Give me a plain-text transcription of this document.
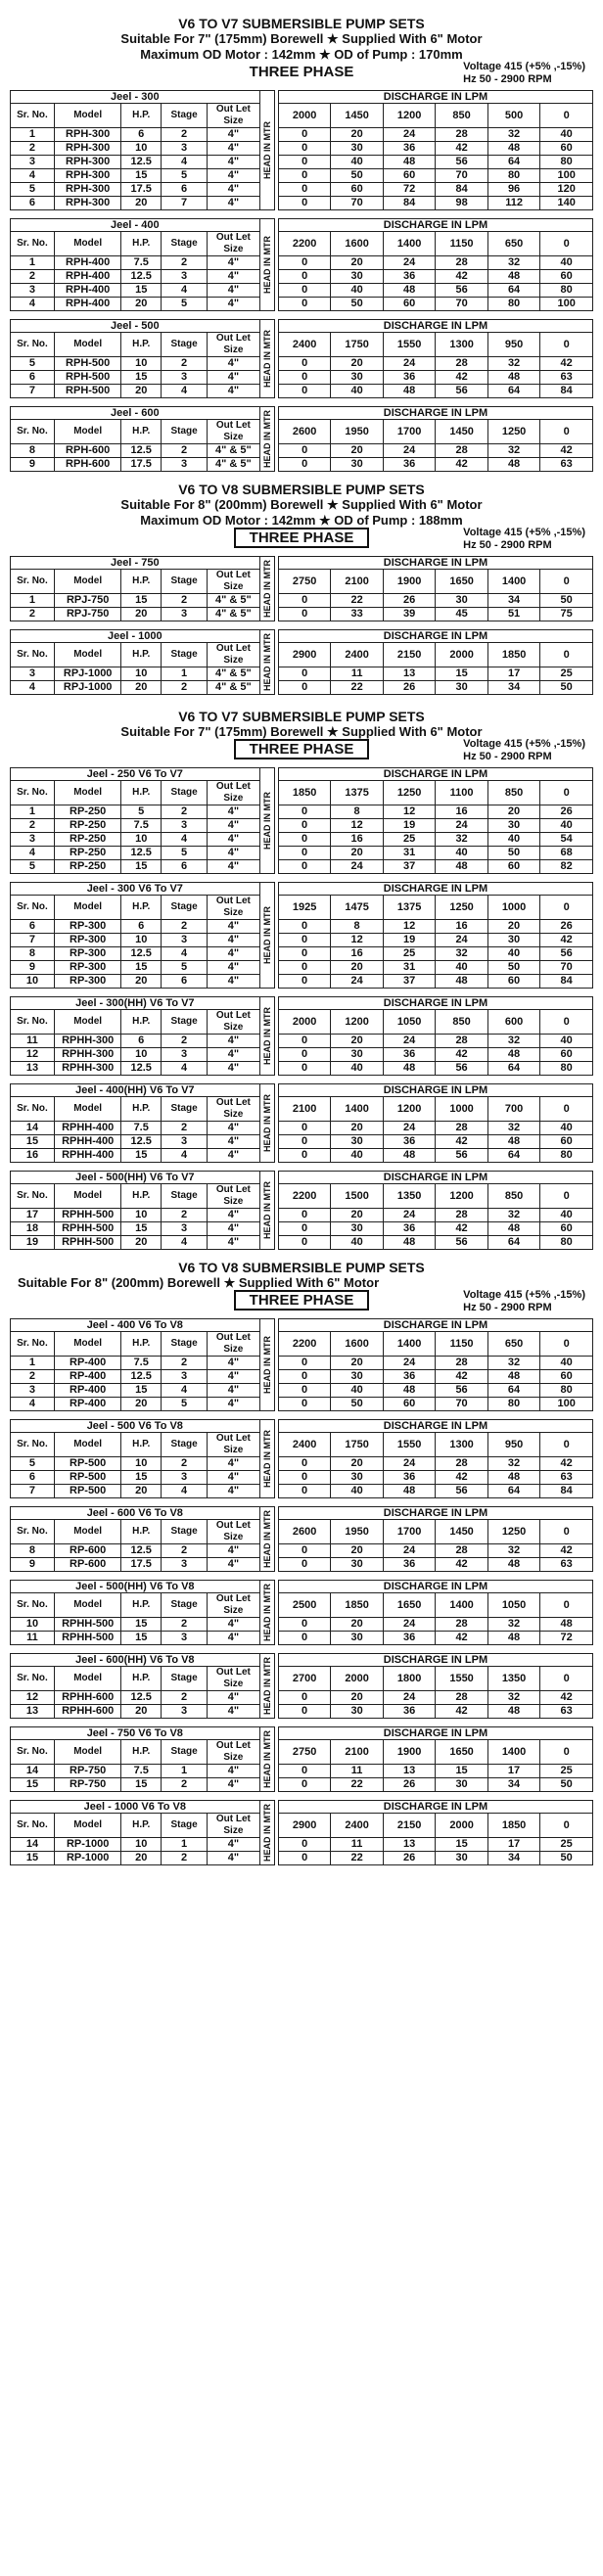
V6 TO V7 SUBMERSIBLE PUMP SETS
Suitable For 7" (175mm) Borewell ★ Supplied With 6" Motor
Maximum OD Motor : 142mm ★ OD of Pump : 170mm
THREE PHASE	Voltage 415 (+5% ,-15%)
Hz 50 - 2900 RPM
Jeel - 300					HEAD IN MTR		DISCHARGE IN LPM					
Sr. No.	Model	H.P.	Stage	Out Let Size			2000	1450	1200	850	500	0

1	RPH-300	6	2	4"			0	20	24	28	32	40
2	RPH-300	10	3	4"			0	30	36	42	48	60
3	RPH-300	12.5	4	4"			0	40	48	56	64	80
4	RPH-300	15	5	4"			0	50	60	70	80	100
5	RPH-300	17.5	6	4"			0	60	72	84	96	120
6	RPH-300	20	7	4"			0	70	84	98	112	140
Jeel - 400					HEAD IN MTR		DISCHARGE IN LPM					
Sr. No.	Model	H.P.	Stage	Out Let Size			2200	1600	1400	1150	650	0

1	RPH-400	7.5	2	4"			0	20	24	28	32	40
2	RPH-400	12.5	3	4"			0	30	36	42	48	60
3	RPH-400	15	4	4"			0	40	48	56	64	80
4	RPH-400	20	5	4"			0	50	60	70	80	100
Jeel - 500					HEAD IN MTR		DISCHARGE IN LPM					
Sr. No.	Model	H.P.	Stage	Out Let Size			2400	1750	1550	1300	950	0

5	RPH-500	10	2	4"			0	20	24	28	32	42
6	RPH-500	15	3	4"			0	30	36	42	48	63
7	RPH-500	20	4	4"			0	40	48	56	64	84
Jeel - 600					HEAD IN MTR		DISCHARGE IN LPM					
Sr. No.	Model	H.P.	Stage	Out Let Size			2600	1950	1700	1450	1250	0

8	RPH-600	12.5	2	4" & 5"			0	20	24	28	32	42
9	RPH-600	17.5	3	4" & 5"			0	30	36	42	48	63
V6 TO V8 SUBMERSIBLE PUMP SETS
Suitable For 8" (200mm) Borewell ★ Supplied With 6" Motor
Maximum OD Motor : 142mm ★ OD of Pump : 188mm
THREE PHASE	Voltage 415 (+5% ,-15%)
Hz 50 - 2900 RPM
Jeel - 750					HEAD IN MTR		DISCHARGE IN LPM					
Sr. No.	Model	H.P.	Stage	Out Let Size			2750	2100	1900	1650	1400	0

1	RPJ-750	15	2	4" & 5"			0	22	26	30	34	50
2	RPJ-750	20	3	4" & 5"			0	33	39	45	51	75
Jeel - 1000					HEAD IN MTR		DISCHARGE IN LPM					
Sr. No.	Model	H.P.	Stage	Out Let Size			2900	2400	2150	2000	1850	0

3	RPJ-1000	10	1	4" & 5"			0	11	13	15	17	25
4	RPJ-1000	20	2	4" & 5"			0	22	26	30	34	50
V6 TO V7 SUBMERSIBLE PUMP SETS
Suitable For 7" (175mm) Borewell ★ Supplied With 6" Motor
THREE PHASE	Voltage 415 (+5% ,-15%)
Hz 50 - 2900 RPM
Jeel - 250 V6 To V7					HEAD IN MTR		DISCHARGE IN LPM					
Sr. No.	Model	H.P.	Stage	Out Let Size			1850	1375	1250	1100	850	0

1	RP-250	5	2	4"			0	8	12	16	20	26
2	RP-250	7.5	3	4"			0	12	19	24	30	40
3	RP-250	10	4	4"			0	16	25	32	40	54
4	RP-250	12.5	5	4"			0	20	31	40	50	68
5	RP-250	15	6	4"			0	24	37	48	60	82
Jeel - 300 V6 To V7					HEAD IN MTR		DISCHARGE IN LPM					
Sr. No.	Model	H.P.	Stage	Out Let Size			1925	1475	1375	1250	1000	0

6	RP-300	6	2	4"			0	8	12	16	20	26
7	RP-300	10	3	4"			0	12	19	24	30	42
8	RP-300	12.5	4	4"			0	16	25	32	40	56
9	RP-300	15	5	4"			0	20	31	40	50	70
10	RP-300	20	6	4"			0	24	37	48	60	84
Jeel - 300(HH) V6 To V7					HEAD IN MTR		DISCHARGE IN LPM					
Sr. No.	Model	H.P.	Stage	Out Let Size			2000	1200	1050	850	600	0

11	RPHH-300	6	2	4"			0	20	24	28	32	40
12	RPHH-300	10	3	4"			0	30	36	42	48	60
13	RPHH-300	12.5	4	4"			0	40	48	56	64	80
Jeel - 400(HH) V6 To V7					HEAD IN MTR		DISCHARGE IN LPM					
Sr. No.	Model	H.P.	Stage	Out Let Size			2100	1400	1200	1000	700	0

14	RPHH-400	7.5	2	4"			0	20	24	28	32	40
15	RPHH-400	12.5	3	4"			0	30	36	42	48	60
16	RPHH-400	15	4	4"			0	40	48	56	64	80
Jeel - 500(HH) V6 To V7					HEAD IN MTR		DISCHARGE IN LPM					
Sr. No.	Model	H.P.	Stage	Out Let Size			2200	1500	1350	1200	850	0

17	RPHH-500	10	2	4"			0	20	24	28	32	40
18	RPHH-500	15	3	4"			0	30	36	42	48	60
19	RPHH-500	20	4	4"			0	40	48	56	64	80
V6 TO V8 SUBMERSIBLE PUMP SETS
Suitable For 8" (200mm) Borewell ★ Supplied With 6" Motor
THREE PHASE	Voltage 415 (+5% ,-15%)
Hz 50 - 2900 RPM
Jeel - 400 V6 To V8					HEAD IN MTR		DISCHARGE IN LPM					
Sr. No.	Model	H.P.	Stage	Out Let Size			2200	1600	1400	1150	650	0

1	RP-400	7.5	2	4"			0	20	24	28	32	40
2	RP-400	12.5	3	4"			0	30	36	42	48	60
3	RP-400	15	4	4"			0	40	48	56	64	80
4	RP-400	20	5	4"			0	50	60	70	80	100
Jeel - 500 V6 To V8					HEAD IN MTR		DISCHARGE IN LPM					
Sr. No.	Model	H.P.	Stage	Out Let Size			2400	1750	1550	1300	950	0

5	RP-500	10	2	4"			0	20	24	28	32	42
6	RP-500	15	3	4"			0	30	36	42	48	63
7	RP-500	20	4	4"			0	40	48	56	64	84
Jeel - 600 V6 To V8					HEAD IN MTR		DISCHARGE IN LPM					
Sr. No.	Model	H.P.	Stage	Out Let Size			2600	1950	1700	1450	1250	0

8	RP-600	12.5	2	4"			0	20	24	28	32	42
9	RP-600	17.5	3	4"			0	30	36	42	48	63
Jeel - 500(HH) V6 To V8					HEAD IN MTR		DISCHARGE IN LPM					
Sr. No.	Model	H.P.	Stage	Out Let Size			2500	1850	1650	1400	1050	0

10	RPHH-500	15	2	4"			0	20	24	28	32	48
11	RPHH-500	15	3	4"			0	30	36	42	48	72
Jeel - 600(HH) V6 To V8					HEAD IN MTR		DISCHARGE IN LPM					
Sr. No.	Model	H.P.	Stage	Out Let Size			2700	2000	1800	1550	1350	0

12	RPHH-600	12.5	2	4"			0	20	24	28	32	42
13	RPHH-600	20	3	4"			0	30	36	42	48	63
Jeel - 750 V6 To V8					HEAD IN MTR		DISCHARGE IN LPM					
Sr. No.	Model	H.P.	Stage	Out Let Size			2750	2100	1900	1650	1400	0

14	RP-750	7.5	1	4"			0	11	13	15	17	25
15	RP-750	15	2	4"			0	22	26	30	34	50
Jeel - 1000 V6 To V8					HEAD IN MTR		DISCHARGE IN LPM					
Sr. No.	Model	H.P.	Stage	Out Let Size			2900	2400	2150	2000	1850	0

14	RP-1000	10	1	4"			0	11	13	15	17	25
15	RP-1000	20	2	4"			0	22	26	30	34	50
